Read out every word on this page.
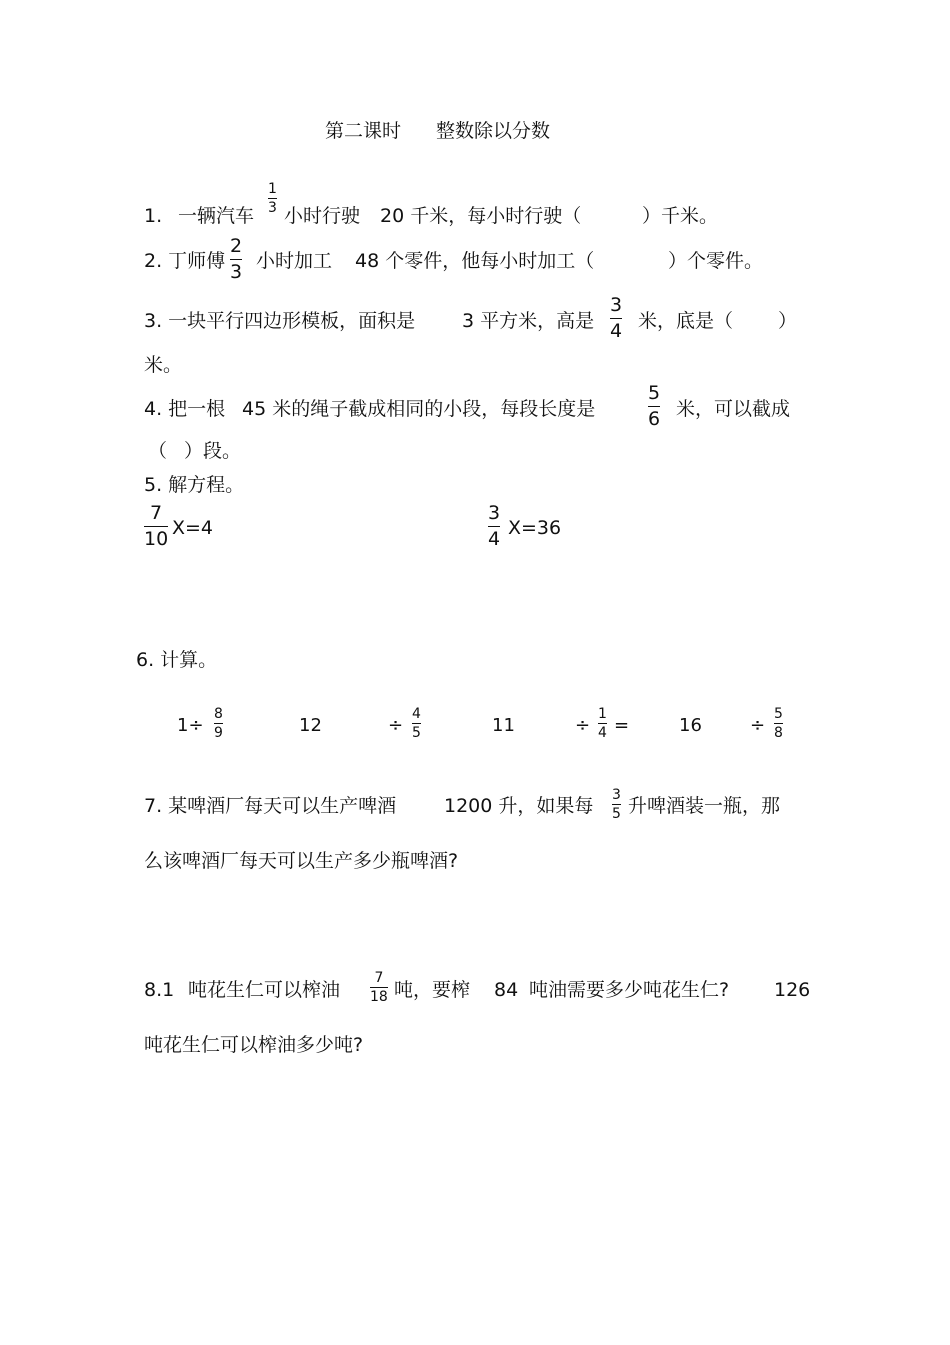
第二课时 整数除以分数
1. 一辆汽车
1
3 小时行驶 20 千米，每小时行驶（	）千米。
2. 丁师傅
2
3 小时加工 48 个零件，他每小时加工（	）个零件。
3. 一块平行四边形模板，面积是 3 平方米，高是
3
4 米，底是（ ）
米。
4. 把一根 45 米的绳子截成相同的小段，每段长度是
5
6 米，可以截成
（ ）段。
5. 解方程。
7
10 X=4
3
4 X=36
6. 计算。
1÷
8
9	12	÷
4
5	11	÷
1
4 =	16	÷
5
8
7. 某啤酒厂每天可以生产啤酒	1200 升，如果每 3
5 升啤酒装一瓶，那
么该啤酒厂每天可以生产多少瓶啤酒?
8.1 吨花生仁可以榨油
7
18 吨，要榨 84 吨油需要多少吨花生仁? 126
吨花生仁可以榨油多少吨?
